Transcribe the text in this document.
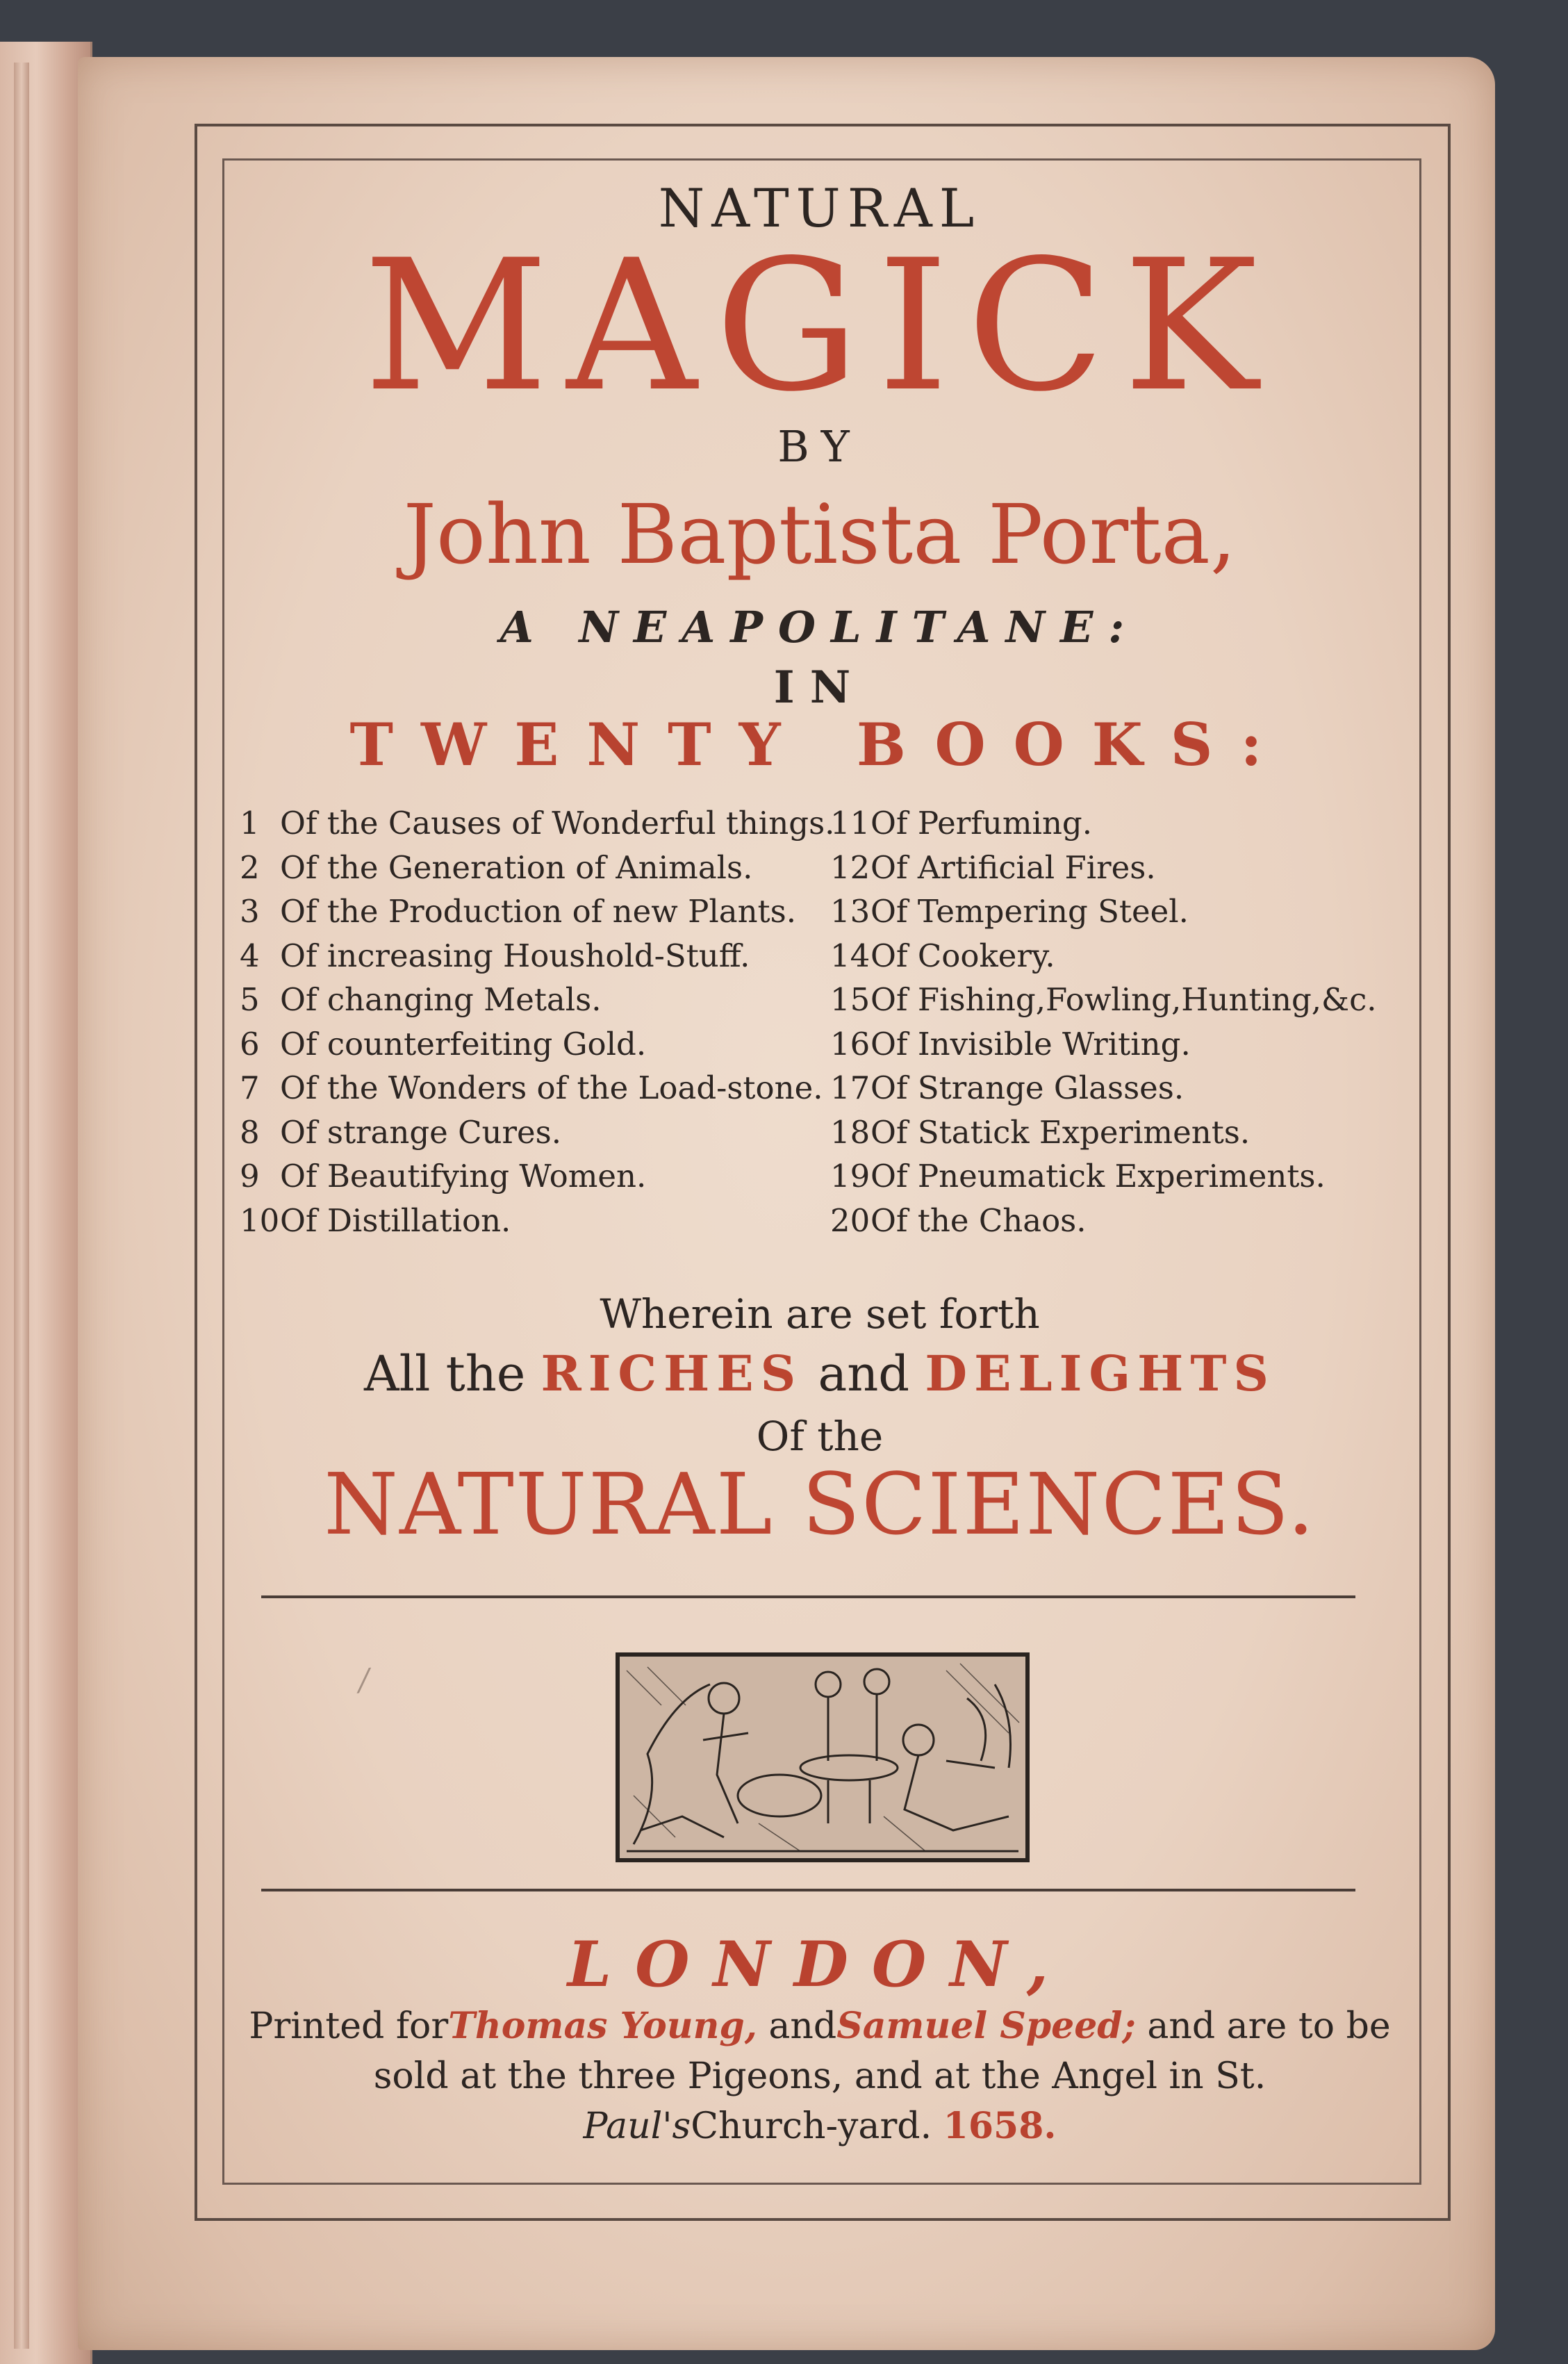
NATURAL
MAGICK
BY
John Baptista Porta,
A NEAPOLITANE:
IN
TWENTY BOOKS:
1 Of the Causes of Wonderful things.
2 Of the Generation of Animals.
3 Of the Production of new Plants.
4 Of increasing Houshold-Stuff.
5 Of changing Metals.
6 Of counterfeiting Gold.
7 Of the Wonders of the Load-stone.
8 Of strange Cures.
9 Of Beautifying Women.
10 Of Distillation.
11 Of Perfuming.
12 Of Artificial Fires.
13 Of Tempering Steel.
14 Of Cookery.
15 Of Fishing,Fowling,Hunting,&c.
16 Of Invisible Writing.
17 Of Strange Glasses.
18 Of Statick Experiments.
19 Of Pneumatick Experiments.
20 Of the Chaos.
Wherein are set forth
All the RICHES and DELIGHTS
Of the
NATURAL SCIENCES.
⁄
LONDON,
Printed forThomas Young, andSamuel Speed; and are to be
sold at the three Pigeons, and at the Angel in St.
Paul'sChurch-yard. 1658.
